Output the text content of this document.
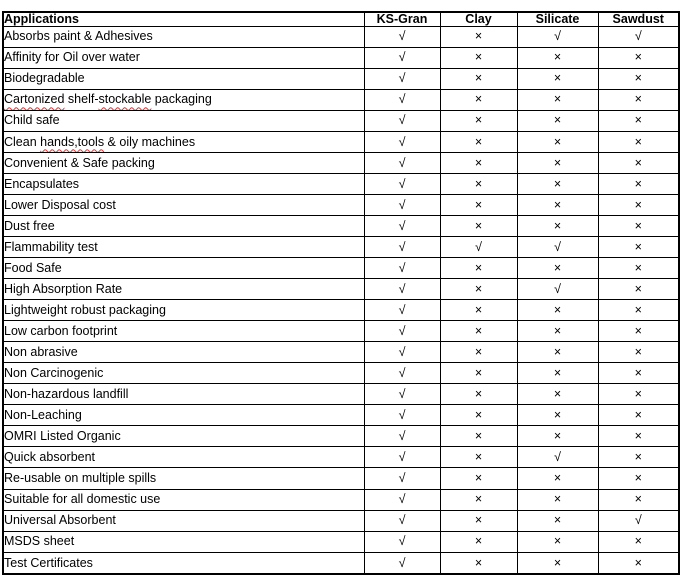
Applications	KS-Gran	Clay	Silicate	Sawdust
Absorbs paint & Adhesives	√	×	√	√
Affinity for Oil over water	√	×	×	×
Biodegradable	√	×	×	×
Cartonized shelf-stockable packaging	√	×	×	×
Child safe	√	×	×	×
Clean hands,tools & oily machines	√	×	×	×
Convenient & Safe packing	√	×	×	×
Encapsulates	√	×	×	×
Lower Disposal cost	√	×	×	×
Dust free	√	×	×	×
Flammability test	√	√	√	×
Food Safe	√	×	×	×
High Absorption Rate	√	×	√	×
Lightweight robust packaging	√	×	×	×
Low carbon footprint	√	×	×	×
Non abrasive	√	×	×	×
Non Carcinogenic	√	×	×	×
Non-hazardous landfill	√	×	×	×
Non-Leaching	√	×	×	×
OMRI Listed Organic	√	×	×	×
Quick absorbent	√	×	√	×
Re-usable on multiple spills	√	×	×	×
Suitable for all domestic use	√	×	×	×
Universal Absorbent	√	×	×	√
MSDS sheet	√	×	×	×
Test Certificates	√	×	×	×
